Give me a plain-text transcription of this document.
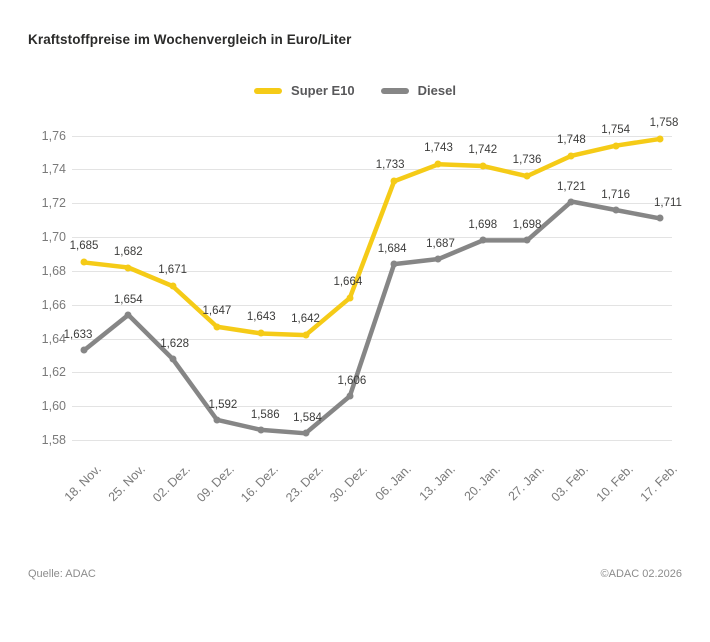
Kraftstoffpreise im Wochenvergleich in Euro/Liter
Super E10	Diesel
1,58
1,60
1,62
1,64
1,66
1,68
1,70
1,72
1,74
1,76
1,685 1,682
1,671
1,647
1,643 1,642
1,664
1,733
1,743 1,742
1,736
1,748
1,754
1,758
1,633
1,654
1,628
1,592
1,586 1,584
1,606
1,684 1,687
1,698 1,698
1,721
1,716
1,711
18. Nov. 25. Nov. 02. Dez. 09. Dez. 16. Dez. 23. Dez. 30. Dez. 06. Jan. 13. Jan. 20. Jan. 27. Jan. 03. Feb. 10. Feb. 17. Feb.
Quelle: ADAC	©ADAC 02.2026
